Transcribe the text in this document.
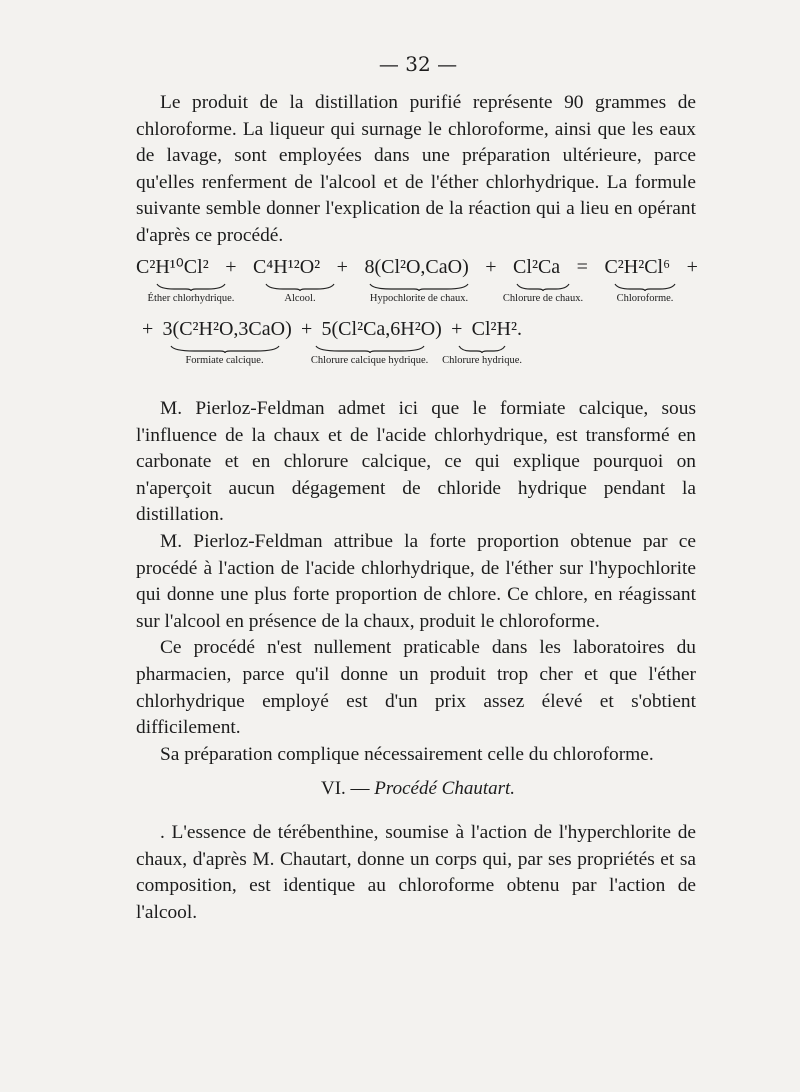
— 32 —

Le produit de la distillation purifié représente 90 grammes de chloroforme. La liqueur qui surnage le chloroforme, ainsi que les eaux de lavage, sont employées dans une préparation ultérieure, parce qu'elles renferment de l'alcool et de l'éther chlorhydrique. La formule suivante semble donner l'explication de la réaction qui a lieu en opérant d'après ce procédé.

C²H¹⁰Cl² + C⁴H¹²O² + 8(Cl²O,CaO) + Cl²Ca = C²H²Cl⁶ +
Éther chlorhydrique.	Alcool.	Hypochlorite de chaux.	Chlorure de chaux.	Chloroforme.
+ 3(C²H²O,3CaO) + 5(Cl²Ca,6H²O) + Cl²H².
Formiate calcique.	Chlorure calcique hydrique.	Chlorure hydrique.

M. Pierloz-Feldman admet ici que le formiate calcique, sous l'influence de la chaux et de l'acide chlorhydrique, est transformé en carbonate et en chlorure calcique, ce qui explique pourquoi on n'aperçoit aucun dégagement de chloride hydrique pendant la distillation.

M. Pierloz-Feldman attribue la forte proportion obtenue par ce procédé à l'action de l'acide chlorhydrique, de l'éther sur l'hypochlorite qui donne une plus forte proportion de chlore. Ce chlore, en réagissant sur l'alcool en présence de la chaux, produit le chloroforme.

Ce procédé n'est nullement praticable dans les laboratoires du pharmacien, parce qu'il donne un produit trop cher et que l'éther chlorhydrique employé est d'un prix assez élevé et s'obtient difficilement.

Sa préparation complique nécessairement celle du chloroforme.

VI. — Procédé Chautart.

. L'essence de térébenthine, soumise à l'action de l'hyperchlorite de chaux, d'après M. Chautart, donne un corps qui, par ses propriétés et sa composition, est identique au chloroforme obtenu par l'action de l'alcool.
